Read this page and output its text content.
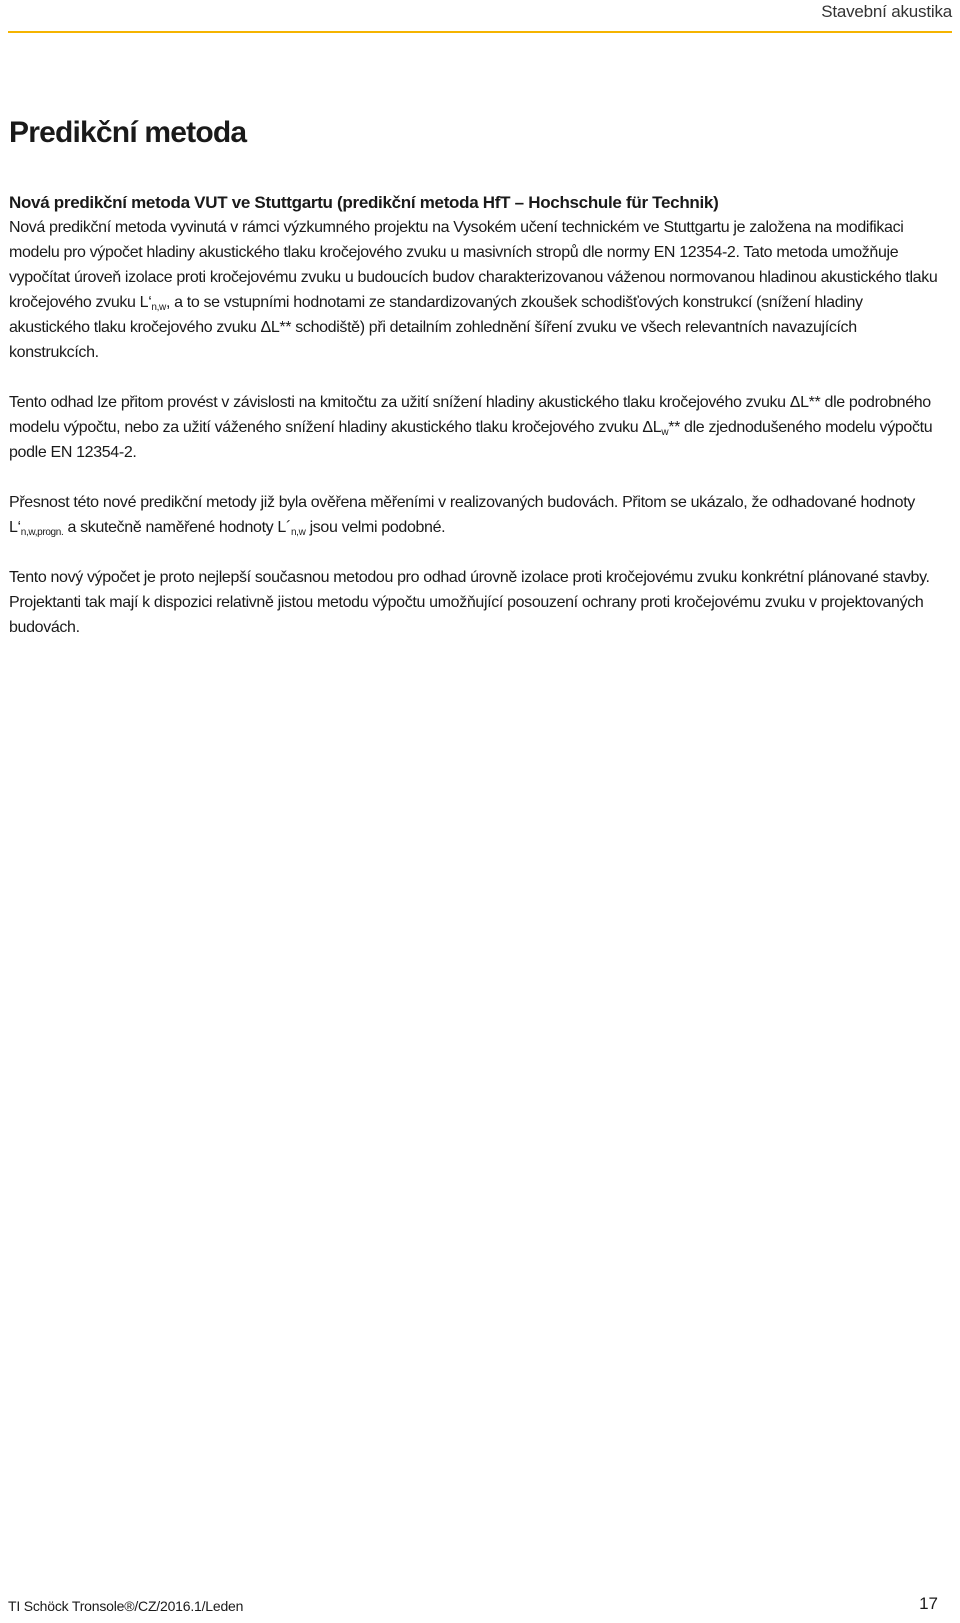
Stavební akustika
Predikční metoda
Nová predikční metoda VUT ve Stuttgartu (predikční metoda HfT – Hochschule für Technik)

Nová predikční metoda vyvinutá v rámci výzkumného projektu na Vysokém učení technickém ve Stuttgartu je založena na modifikaci modelu pro výpočet hladiny akustického tlaku kročejového zvuku u masivních stropů dle normy EN 12354-2. Tato metoda umožňuje vypočítat úroveň izolace proti kročejovému zvuku u budoucích budov charakterizovanou váženou normovanou hladinou akustického tlaku kročejového zvuku $L‘_{n,w}$, a to se vstupními hodnotami ze standardizovaných zkoušek schodišťových konstrukcí (snížení hladiny akustického tlaku kročejového zvuku ΔL** schodiště) při detailním zohlednění šíření zvuku ve všech relevantních navazujících konstrukcích.

Tento odhad lze přitom provést v závislosti na kmitočtu za užití snížení hladiny akustického tlaku kročejového zvuku ΔL** dle podrobného modelu výpočtu, nebo za užití váženého snížení hladiny akustického tlaku kročejového zvuku $\Delta L_w**$ dle zjednodušeného modelu výpočtu podle EN 12354-2.

Přesnost této nové predikční metody již byla ověřena měřeními v realizovaných budovách. Přitom se ukázalo, že odhadované hodnoty $L‘_{n,w,progn.}$ a skutečně naměřené hodnoty $L´_{n,w}$ jsou velmi podobné.

Tento nový výpočet je proto nejlepší současnou metodou pro odhad úrovně izolace proti kročejovému zvuku konkrétní plánované stavby. Projektanti tak mají k dispozici relativně jistou metodu výpočtu umožňující posouzení ochrany proti kročejovému zvuku v projektovaných budovách.

TI Schöck Tronsole®/CZ/2016.1/Leden	17
